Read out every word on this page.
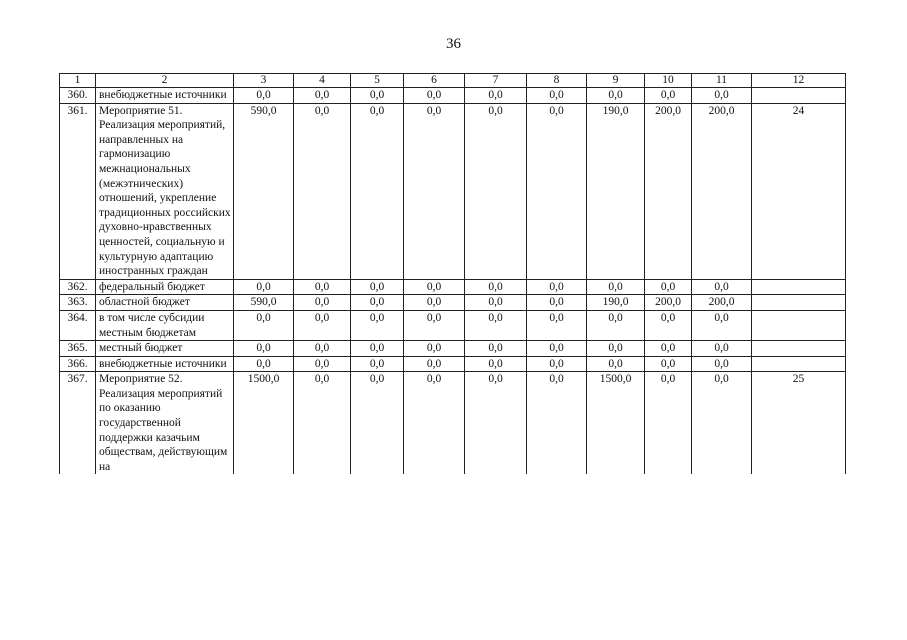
36
1	2	3	4	5	6	7	8	9	10	11	12
360.	внебюджетные источники	0,0	0,0	0,0	0,0	0,0	0,0	0,0	0,0	0,0	
361.	Мероприятие 51. Реализация мероприятий, направленных на гармонизацию межнациональных (межэтнических) отношений, укрепление традиционных российских духовно-нравственных ценностей, социальную и культурную адаптацию иностранных граждан	590,0	0,0	0,0	0,0	0,0	0,0	190,0	200,0	200,0	24
362.	федеральный бюджет	0,0	0,0	0,0	0,0	0,0	0,0	0,0	0,0	0,0	
363.	областной бюджет	590,0	0,0	0,0	0,0	0,0	0,0	190,0	200,0	200,0	
364.	в том числе субсидии местным бюджетам	0,0	0,0	0,0	0,0	0,0	0,0	0,0	0,0	0,0	
365.	местный бюджет	0,0	0,0	0,0	0,0	0,0	0,0	0,0	0,0	0,0	
366.	внебюджетные источники	0,0	0,0	0,0	0,0	0,0	0,0	0,0	0,0	0,0	
367.	Мероприятие 52. Реализация мероприятий по оказанию государственной поддержки казачьим обществам, действующим на	1500,0	0,0	0,0	0,0	0,0	0,0	1500,0	0,0	0,0	25
